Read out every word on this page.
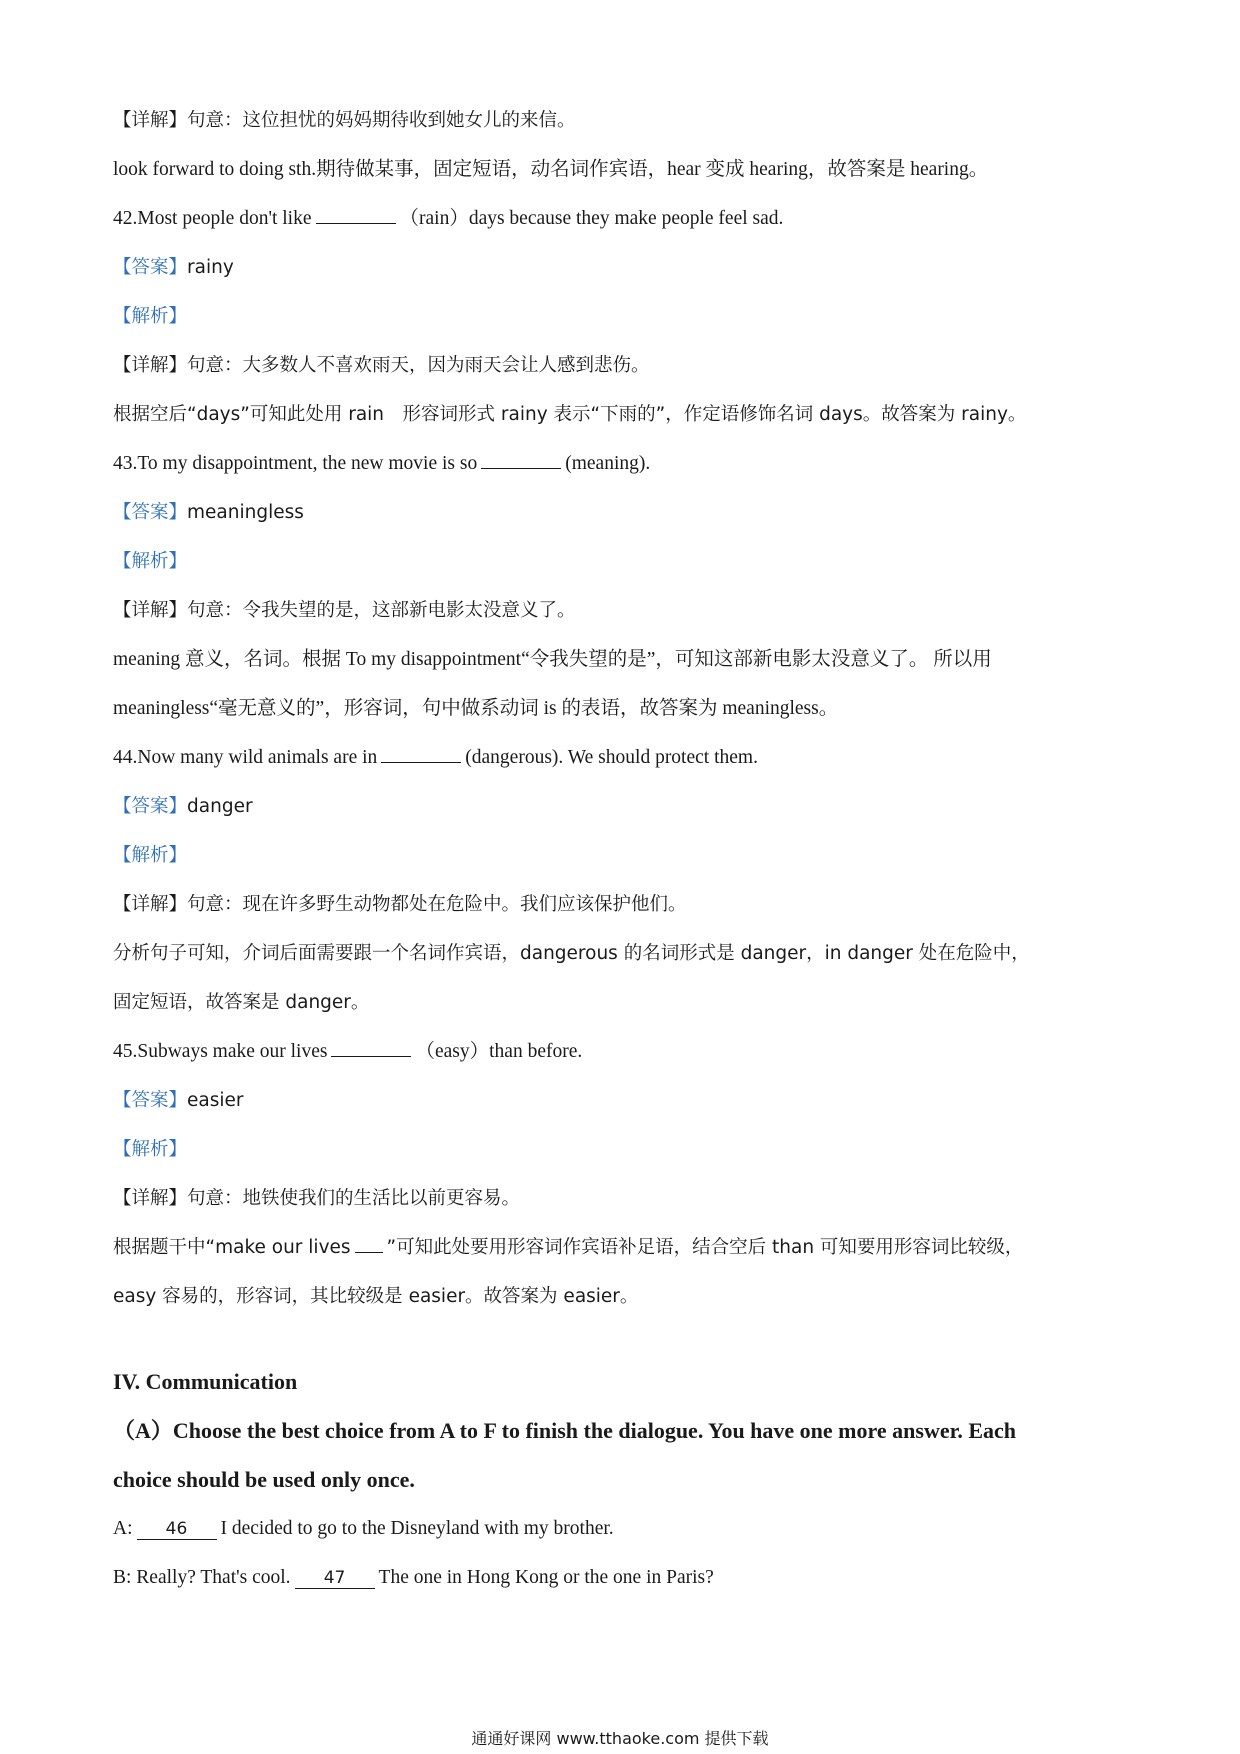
【详解】句意：这位担忧的妈妈期待收到她女儿的来信。
look forward to doing sth.期待做某事，固定短语，动名词作宾语，hear 变成 hearing，故答案是 hearing。
42.Most people don't like	（rain）days because they make people feel sad.
【答案】rainy
【解析】
【详解】句意：大多数人不喜欢雨天，因为雨天会让人感到悲伤。
根据空后“days”可知此处用 rain　形容词形式 rainy 表示“下雨的”，作定语修饰名词 days。故答案为 rainy。
43.To my disappointment, the new movie is so	(meaning).
【答案】meaningless
【解析】
【详解】句意：令我失望的是，这部新电影太没意义了。
meaning 意义，名词。根据 To my disappointment“令我失望的是”，可知这部新电影太没意义了。 所以用
meaningless“毫无意义的”，形容词，句中做系动词 is 的表语，故答案为 meaningless。
44.Now many wild animals are in	(dangerous). We should protect them.
【答案】danger
【解析】
【详解】句意：现在许多野生动物都处在危险中。我们应该保护他们。
分析句子可知，介词后面需要跟一个名词作宾语，dangerous 的名词形式是 danger，in danger 处在危险中，
固定短语，故答案是 danger。
45.Subways make our lives	（easy）than before.
【答案】easier
【解析】
【详解】句意：地铁使我们的生活比以前更容易。
根据题干中“make our lives ”可知此处要用形容词作宾语补足语，结合空后 than 可知要用形容词比较级，
easy 容易的，形容词，其比较级是 easier。故答案为 easier。
IV. Communication
（A）Choose the best choice from A to F to finish the dialogue. You have one more answer. Each
choice should be used only once.
A: 46 I decided to go to the Disneyland with my brother.
B: Really? That's cool. 47 The one in Hong Kong or the one in Paris?
通通好课网 www.tthaoke.com 提供下载
